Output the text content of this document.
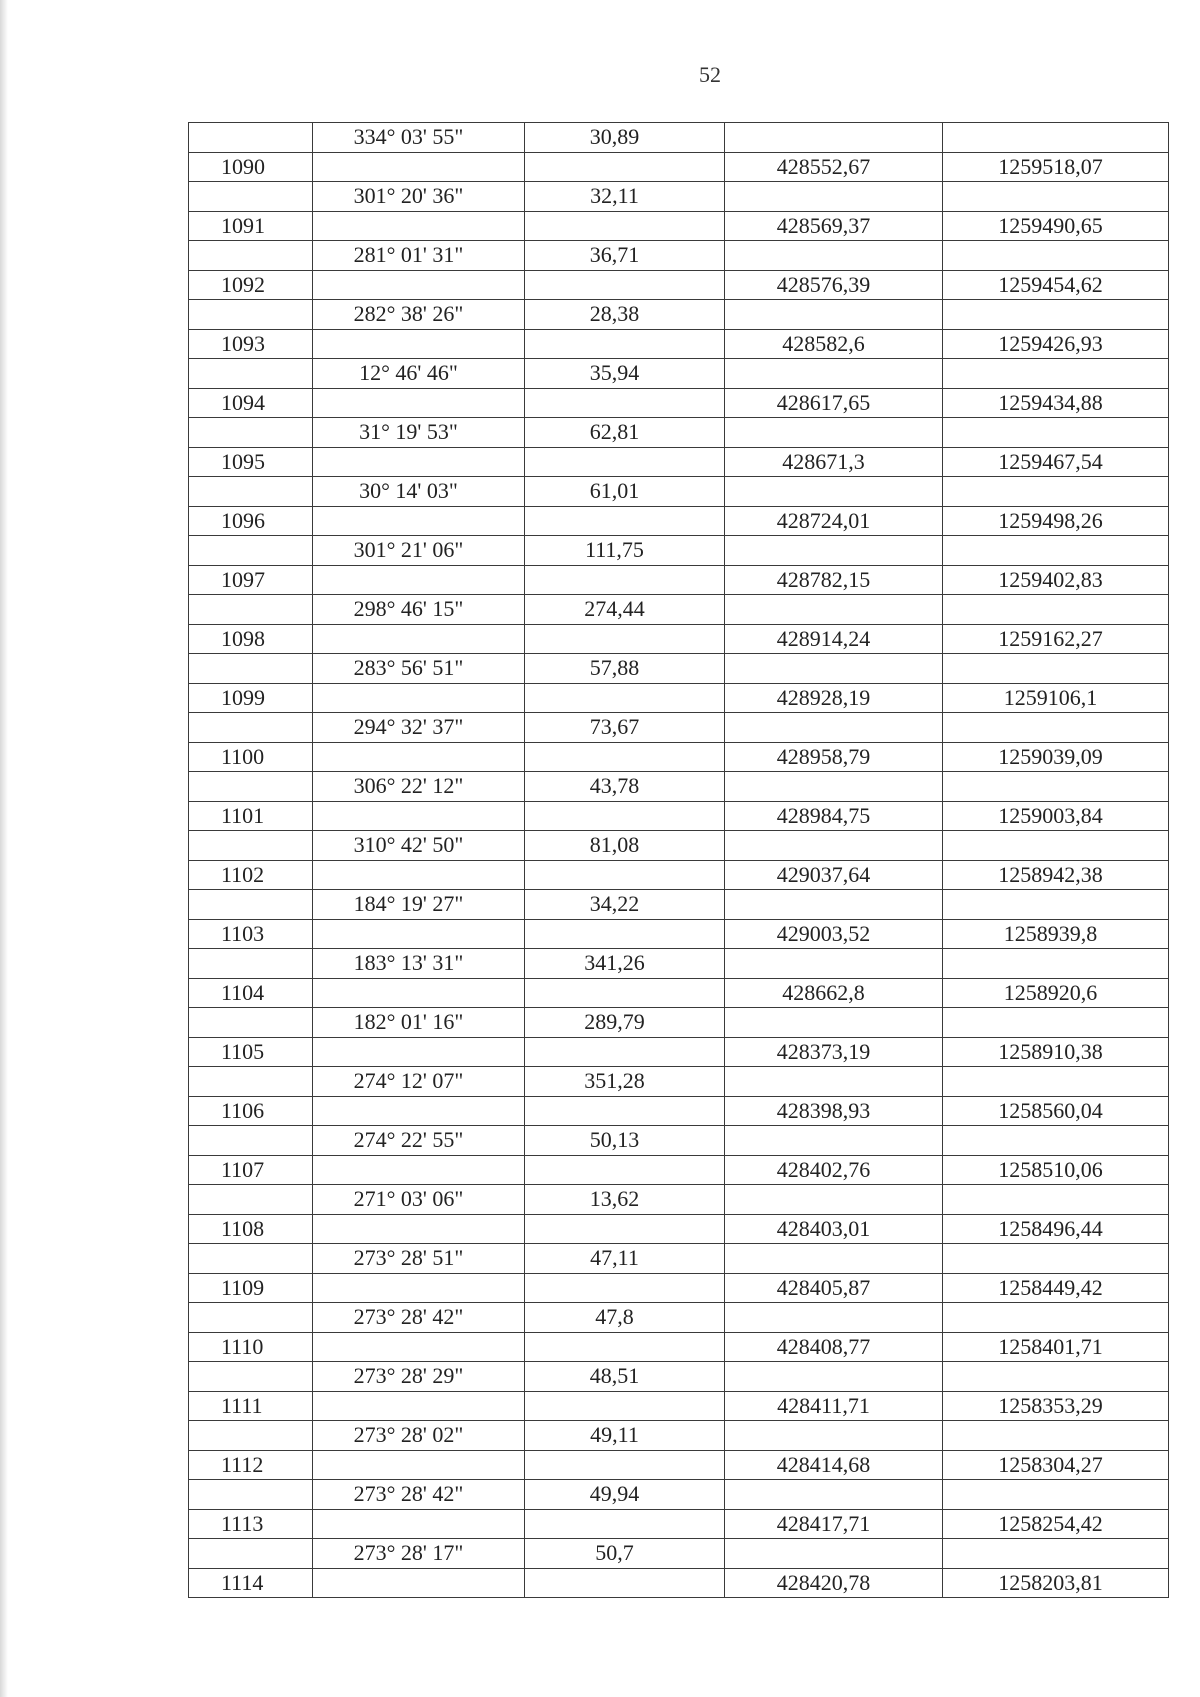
52
	334° 03' 55"	30,89		
1090			428552,67	1259518,07
	301° 20' 36"	32,11		
1091			428569,37	1259490,65
	281° 01' 31"	36,71		
1092			428576,39	1259454,62
	282° 38' 26"	28,38		
1093			428582,6	1259426,93
	12° 46' 46"	35,94		
1094			428617,65	1259434,88
	31° 19' 53"	62,81		
1095			428671,3	1259467,54
	30° 14' 03"	61,01		
1096			428724,01	1259498,26
	301° 21' 06"	111,75		
1097			428782,15	1259402,83
	298° 46' 15"	274,44		
1098			428914,24	1259162,27
	283° 56' 51"	57,88		
1099			428928,19	1259106,1
	294° 32' 37"	73,67		
1100			428958,79	1259039,09
	306° 22' 12"	43,78		
1101			428984,75	1259003,84
	310° 42' 50"	81,08		
1102			429037,64	1258942,38
	184° 19' 27"	34,22		
1103			429003,52	1258939,8
	183° 13' 31"	341,26		
1104			428662,8	1258920,6
	182° 01' 16"	289,79		
1105			428373,19	1258910,38
	274° 12' 07"	351,28		
1106			428398,93	1258560,04
	274° 22' 55"	50,13		
1107			428402,76	1258510,06
	271° 03' 06"	13,62		
1108			428403,01	1258496,44
	273° 28' 51"	47,11		
1109			428405,87	1258449,42
	273° 28' 42"	47,8		
1110			428408,77	1258401,71
	273° 28' 29"	48,51		
1111			428411,71	1258353,29
	273° 28' 02"	49,11		
1112			428414,68	1258304,27
	273° 28' 42"	49,94		
1113			428417,71	1258254,42
	273° 28' 17"	50,7		
1114			428420,78	1258203,81
